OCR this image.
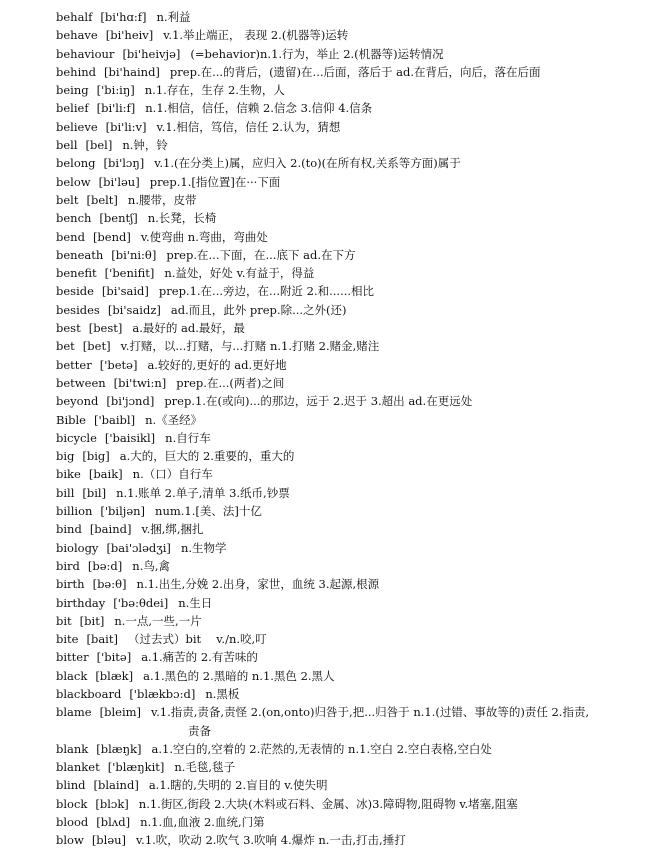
behalf [bi'hɑ:f] n.利益
behave [bi'heiv] v.1.举止端正， 表现 2.(机器等)运转
behaviour [bi'heivjə] (=behavior)n.1.行为，举止 2.(机器等)运转情况
behind [bi'haind] prep.在...的背后，(遗留)在...后面，落后于 ad.在背后，向后，落在后面
being ['bi:iŋ] n.1.存在，生存 2.生物，人
belief [bi'li:f] n.1.相信，信任，信赖 2.信念 3.信仰 4.信条
believe [bi'li:v] v.1.相信，笃信，信任 2.认为，猜想
bell [bel] n.钟，铃
belong [bi'lɔŋ] v.1.(在分类上)属，应归入 2.(to)(在所有权,关系等方面)属于
below [bi'ləu] prep.1.[指位置]在···下面
belt [belt] n.腰带，皮带
bench [bentʃ] n.长凳，长椅
bend [bend] v.使弯曲 n.弯曲，弯曲处
beneath [bi'ni:θ] prep.在...下面，在...底下 ad.在下方
benefit ['benifit] n.益处，好处 v.有益于，得益
beside [bi'said] prep.1.在...旁边，在...附近 2.和......相比
besides [bi'saidz] ad.而且，此外 prep.除...之外(还)
best [best] a.最好的 ad.最好，最
bet [bet] v.打赌，以...打赌，与...打赌 n.1.打赌 2.赌金,赌注
better ['betə] a.较好的,更好的 ad.更好地
between [bi'twi:n] prep.在...(两者)之间
beyond [bi'jɔnd] prep.1.在(或向)...的那边，远于 2.迟于 3.超出 ad.在更远处
Bible ['baibl] n.《圣经》
bicycle ['baisikl] n.自行车
big [big] a.大的，巨大的 2.重要的，重大的
bike [baik] n.（口）自行车
bill [bil] n.1.账单 2.单子,清单 3.纸币,钞票
billion ['biljən] num.1.[美、法]十亿
bind [baind] v.捆,绑,捆扎
biology [bai'ɔlədʒi] n.生物学
bird [bə:d] n.鸟,禽
birth [bə:θ] n.1.出生,分娩 2.出身，家世，血统 3.起源,根源
birthday ['bə:θdei] n.生日
bit [bit] n.一点,一些,一片
bite [bait] （过去式）bit　 v./n.咬,叮
bitter ['bitə] a.1.痛苦的 2.有苦味的
black [blæk] a.1.黑色的 2.黑暗的 n.1.黑色 2.黑人
blackboard ['blækbɔ:d] n.黑板
blame [bleim] v.1.指责,责备,责怪 2.(on,onto)归咎于,把...归咎于 n.1.(过错、事故等的)责任 2.指责,
责备
blank [blæŋk] a.1.空白的,空着的 2.茫然的,无表情的 n.1.空白 2.空白表格,空白处
blanket ['blæŋkit] n.毛毯,毯子
blind [blaind] a.1.瞎的,失明的 2.盲目的 v.使失明
block [blɔk] n.1.街区,街段 2.大块(木料或石料、金属、冰)3.障碍物,阻碍物 v.堵塞,阻塞
blood [blʌd] n.1.血,血液 2.血统,门第
blow [bləu] v.1.吹，吹动 2.吹气 3.吹响 4.爆炸 n.一击,打击,捶打
